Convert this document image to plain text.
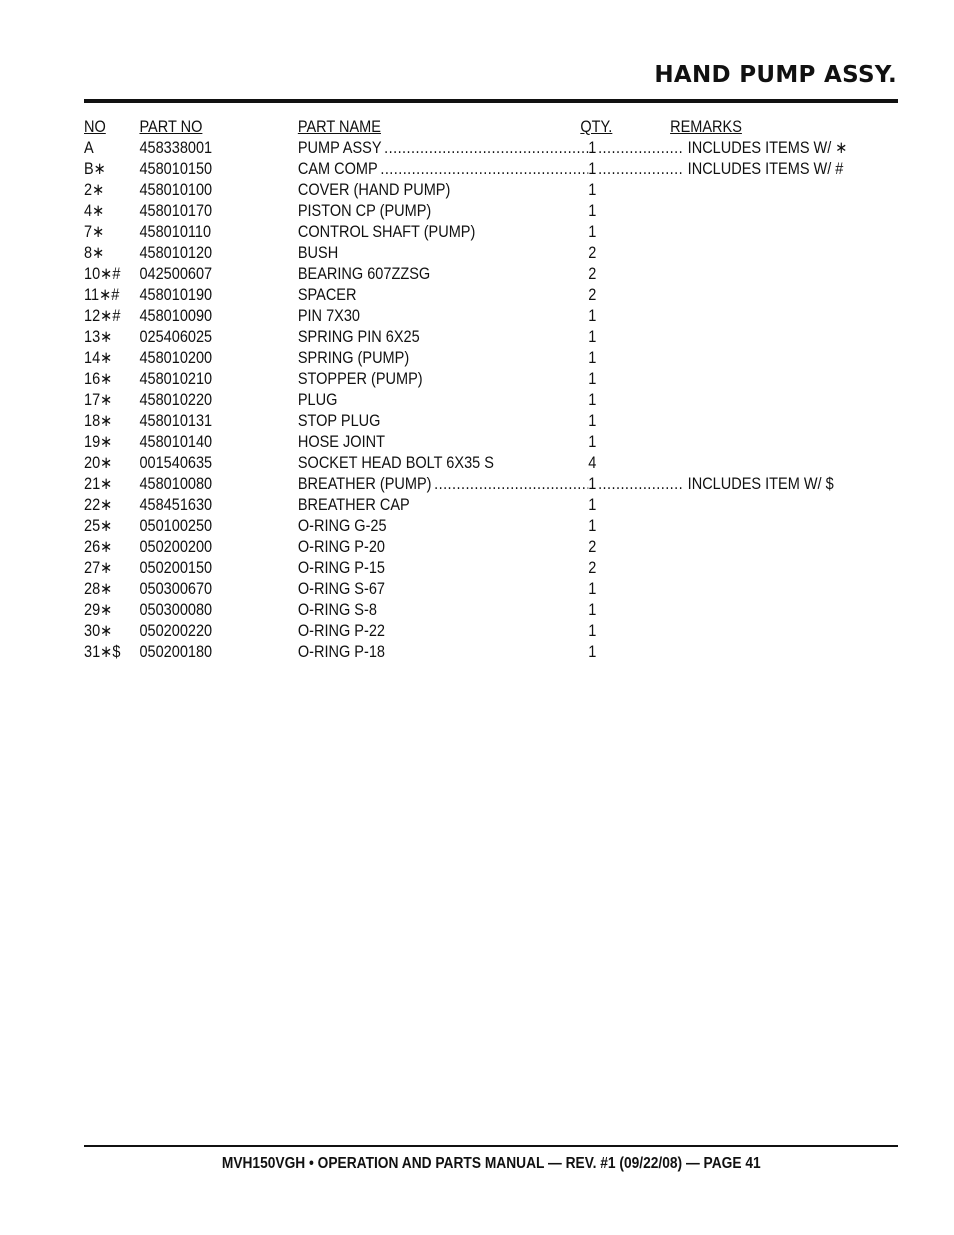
HAND PUMP ASSY.
NO PART NO	PART NAME	QTY.	REMARKS
A	458338001	PUMP ASSY .....	1 .....	INCLUDES ITEMS W/ ∗
B∗ 458010150	CAM COMP .....	1 .....	INCLUDES ITEMS W/ #
2∗ 458010100	COVER (HAND PUMP)	1
4∗ 458010170	PISTON CP (PUMP)	1
7∗ 458010110	CONTROL SHAFT (PUMP)	1
8∗ 458010120	BUSH	2
10∗# 042500607	BEARING 607ZZSG	2
11∗# 458010190	SPACER	2
12∗# 458010090	PIN 7X30	1
13∗ 025406025	SPRING PIN 6X25	1
14∗ 458010200	SPRING (PUMP)	1
16∗ 458010210	STOPPER (PUMP)	1
17∗ 458010220	PLUG	1
18∗ 458010131	STOP PLUG	1
19∗ 458010140	HOSE JOINT	1
20∗ 001540635	SOCKET HEAD BOLT 6X35 S	4
21∗ 458010080	BREATHER (PUMP) .....	1 .....	INCLUDES ITEM W/ $
22∗ 458451630	BREATHER CAP	1
25∗ 050100250	O-RING G-25	1
26∗ 050200200	O-RING P-20	2
27∗ 050200150	O-RING P-15	2
28∗ 050300670	O-RING S-67	1
29∗ 050300080	O-RING S-8	1
30∗ 050200220	O-RING P-22	1
31∗$ 050200180	O-RING P-18	1
MVH150VGH • OPERATION AND PARTS MANUAL — REV. #1 (09/22/08) — PAGE 41
